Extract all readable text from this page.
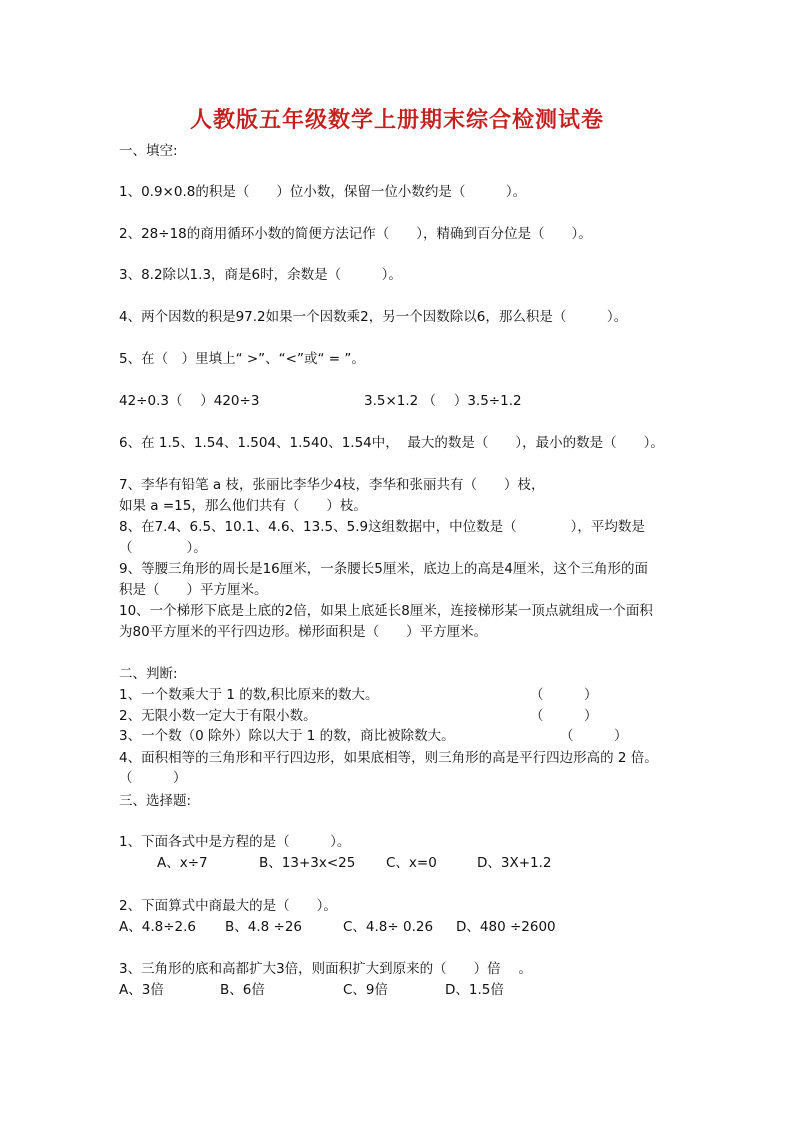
人教版五年级数学上册期末综合检测试卷
一、填空:
1、0.9×0.8的积是（　　）位小数，保留一位小数约是（　　　）。
2、28÷18的商用循环小数的简便方法记作（　　），精确到百分位是（　　）。
3、8.2除以1.3，商是6时，余数是（　　　）。
4、两个因数的积是97.2如果一个因数乘2，另一个因数除以6，那么积是（　　　）。
5、在（　）里填上“ >”、“<”或“ = ”。
42÷0.3（　 ）420÷3	3.5×1.2 （　 ）3.5÷1.2
6、在 1.5、1.54、1.504、1.540、1.54中，  最大的数是（　　），最小的数是（　　）。
7、李华有铅笔 a 枝，张丽比李华少4枝，李华和张丽共有（　　）枝，
如果 a =15，那么他们共有（　　）枝。
8、在7.4、6.5、10.1、4.6、13.5、5.9这组数据中，中位数是（　　　　），平均数是
（　　　　）。
9、等腰三角形的周长是16厘米，一条腰长5厘米，底边上的高是4厘米，这个三角形的面
积是（　　）平方厘米。
10、一个梯形下底是上底的2倍，如果上底延长8厘米，连接梯形某一顶点就组成一个面积
为80平方厘米的平行四边形。梯形面积是（　　）平方厘米。
二、判断:
1、一个数乘大于 1 的数,积比原来的数大。	（　　　）
2、无限小数一定大于有限小数。	（　　　）
3、一个数（0 除外）除以大于 1 的数，商比被除数大。	（　　　）
4、面积相等的三角形和平行四边形，如果底相等，则三角形的高是平行四边形高的 2 倍。
（　　　）
三、选择题:
1、下面各式中是方程的是（　　　）。
A、x÷7	B、13+3x<25 C、x=0	D、3X+1.2
2、下面算式中商最大的是（　　）。
A、4.8÷2.6 B、4.8 ÷26	C、4.8÷ 0.26 D、480 ÷2600
3、三角形的底和高都扩大3倍，则面积扩大到原来的（　　）倍　 。
A、3倍	B、6倍	C、9倍	D、1.5倍
